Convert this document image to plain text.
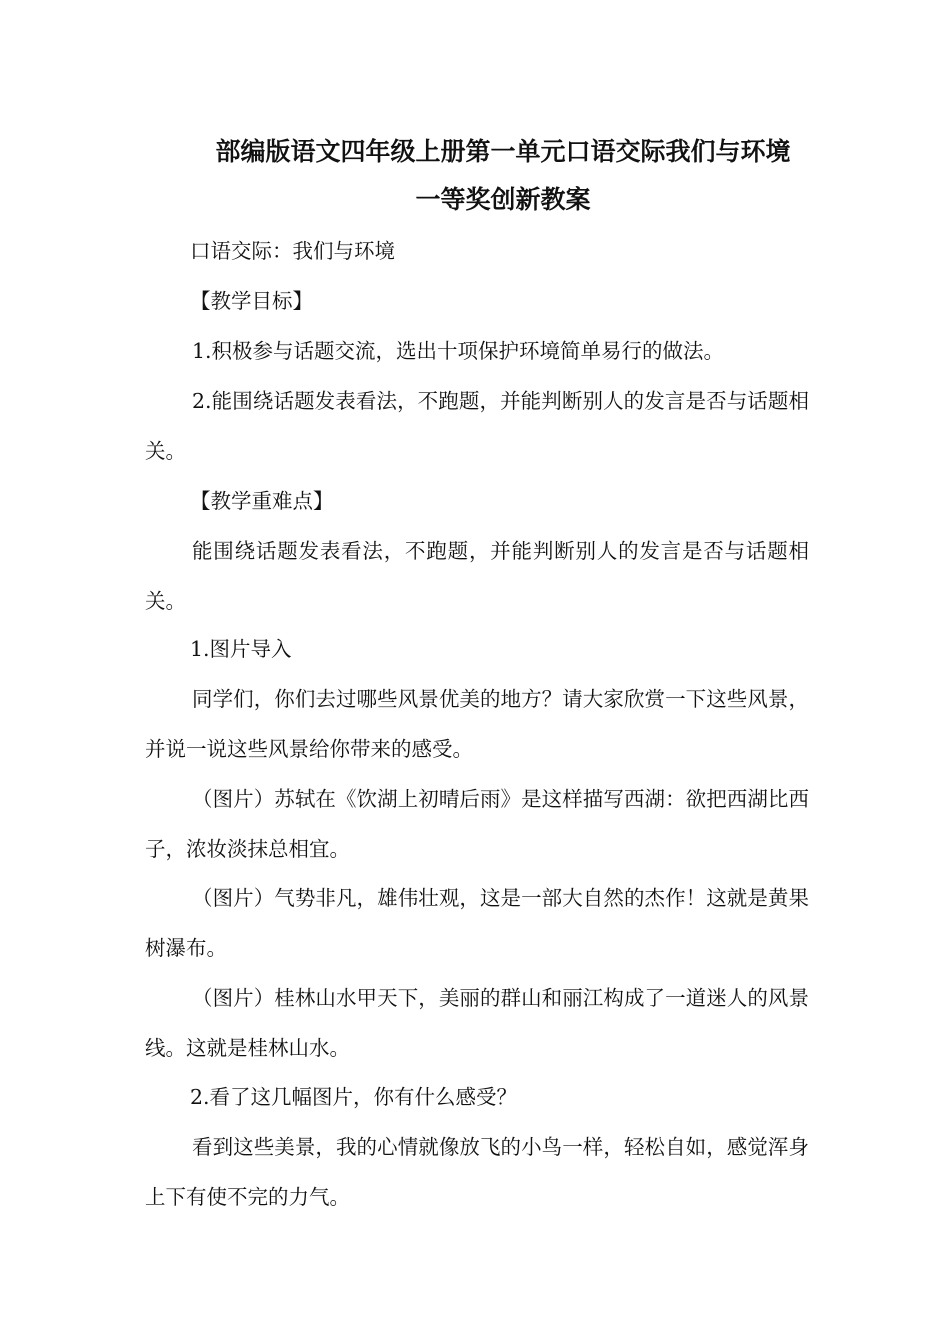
部编版语文四年级上册第一单元口语交际我们与环境
一等奖创新教案

口语交际：我们与环境

【教学目标】

1.积极参与话题交流，选出十项保护环境简单易行的做法。

2.能围绕话题发表看法，不跑题，并能判断别人的发言是否与话题相关。

【教学重难点】

能围绕话题发表看法，不跑题，并能判断别人的发言是否与话题相关。

1.图片导入

同学们，你们去过哪些风景优美的地方？请大家欣赏一下这些风景，并说一说这些风景给你带来的感受。

（图片）苏轼在《饮湖上初晴后雨》是这样描写西湖：欲把西湖比西子，浓妆淡抹总相宜。

（图片）气势非凡，雄伟壮观，这是一部大自然的杰作！这就是黄果树瀑布。

（图片）桂林山水甲天下，美丽的群山和丽江构成了一道迷人的风景线。这就是桂林山水。

2.看了这几幅图片，你有什么感受？

看到这些美景，我的心情就像放飞的小鸟一样，轻松自如，感觉浑身上下有使不完的力气。
